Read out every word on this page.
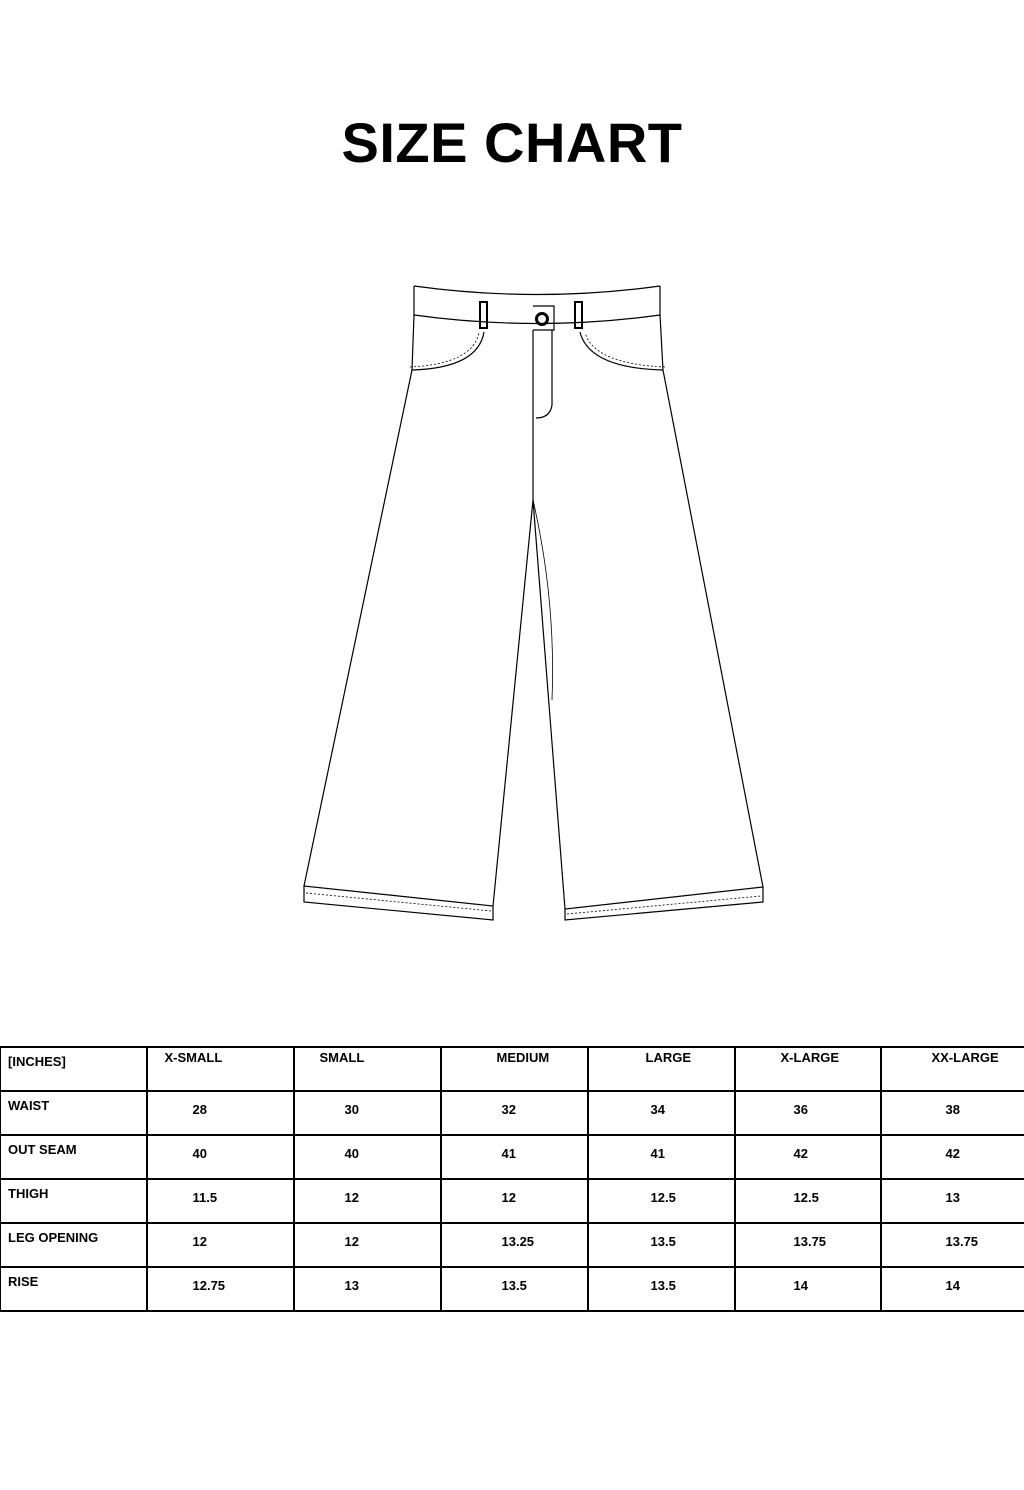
SIZE CHART
[INCHES]	X-SMALL	SMALL	MEDIUM	LARGE	X-LARGE	XX-LARGE

WAIST	28	30	32	34	36	38

OUT SEAM	40	40	41	41	42	42

THIGH	11.5	12	12	12.5	12.5	13

LEG OPENING	12	12	13.25	13.5	13.75	13.75

RISE	12.75	13	13.5	13.5	14	14
